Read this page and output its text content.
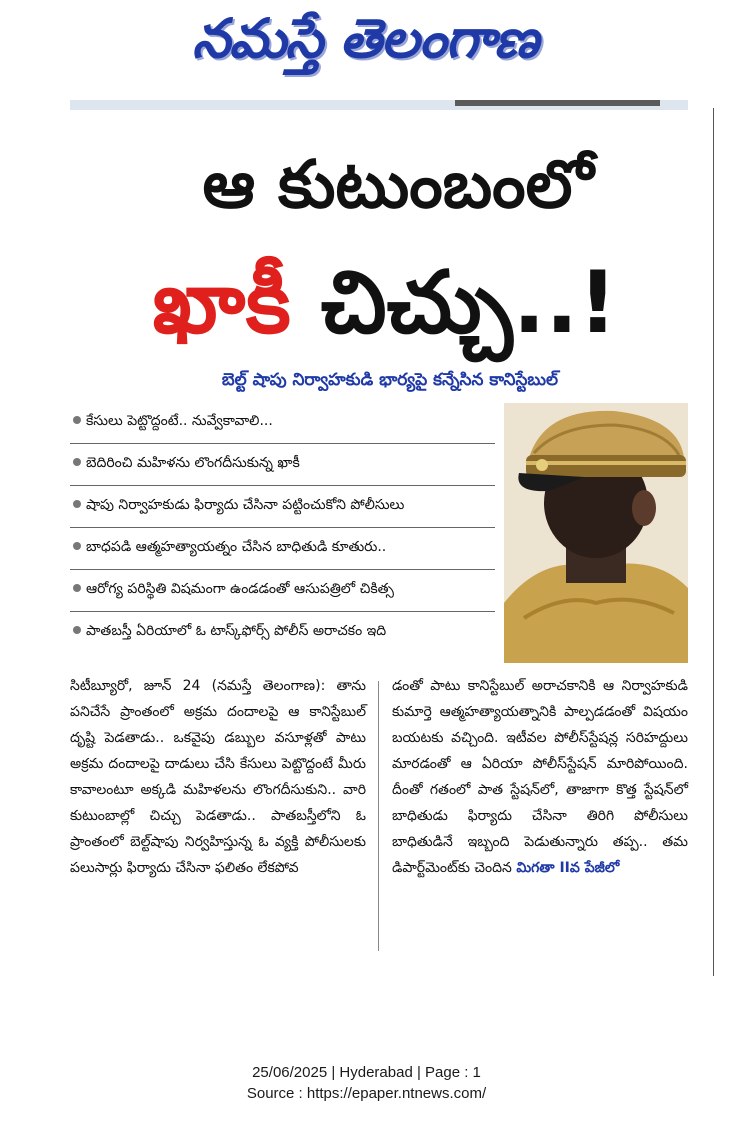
నమస్తే తెలంగాణ
ఆ కుటుంబంలో
ఖాకీ చిచ్చు..!
బెల్ట్ షాపు నిర్వాహకుడి భార్యపై కన్నేసిన కానిస్టేబుల్
కేసులు పెట్టొద్దంటే.. నువ్వేకావాలి...
బెదిరించి మహిళను లొంగదీసుకున్న ఖాకీ
షాపు నిర్వాహకుడు ఫిర్యాదు చేసినా పట్టించుకోని పోలీసులు
బాధపడి ఆత్మహత్యాయత్నం చేసిన బాధితుడి కూతురు..
ఆరోగ్య పరిస్థితి విషమంగా ఉండడంతో ఆసుపత్రిలో చికిత్స
పాతబస్తీ ఏరియాలో ఓ టాస్క్‌ఫోర్స్ పోలీస్ అరాచకం ఇది
సిటీబ్యూరో, జూన్ 24 (నమస్తే తెలంగాణ): తాను పనిచేసే ప్రాంతంలో అక్రమ దందాలపై ఆ కానిస్టేబుల్ దృష్టి పెడతాడు.. ఒకవైపు డబ్బుల వసూళ్లతో పాటు అక్రమ దందాలపై దాడులు చేసి కేసులు పెట్టొద్దంటే మీరు కావాలంటూ అక్కడి మహిళలను లొంగదీసుకుని.. వారి కుటుంబాల్లో చిచ్చు పెడతాడు.. పాతబస్తీలోని ఓ ప్రాంతంలో బెల్ట్‌షాపు నిర్వహిస్తున్న ఓ వ్యక్తి పోలీసులకు పలుసార్లు ఫిర్యాదు చేసినా ఫలితం లేకపోవ
డంతో పాటు కానిస్టేబుల్ అరాచకానికి ఆ నిర్వాహకుడి కుమార్తె ఆత్మహత్యాయత్నానికి పాల్పడడంతో విషయం బయటకు వచ్చింది. ఇటీవల పోలీస్‌స్టేషన్ల సరిహద్దులు మారడంతో ఆ ఏరియా పోలీస్‌స్టేషన్ మారిపోయింది. దీంతో గతంలో పాత స్టేషన్‌లో, తాజాగా కొత్త స్టేషన్‌లో బాధితుడు ఫిర్యాదు చేసినా తిరిగి పోలీసులు బాధితుడినే ఇబ్బంది పెడుతున్నారు తప్ప.. తమ డిపార్ట్‌మెంట్‌కు చెందిన మిగతా IIవ పేజీలో
25/06/2025 | Hyderabad | Page : 1
Source : https://epaper.ntnews.com/
